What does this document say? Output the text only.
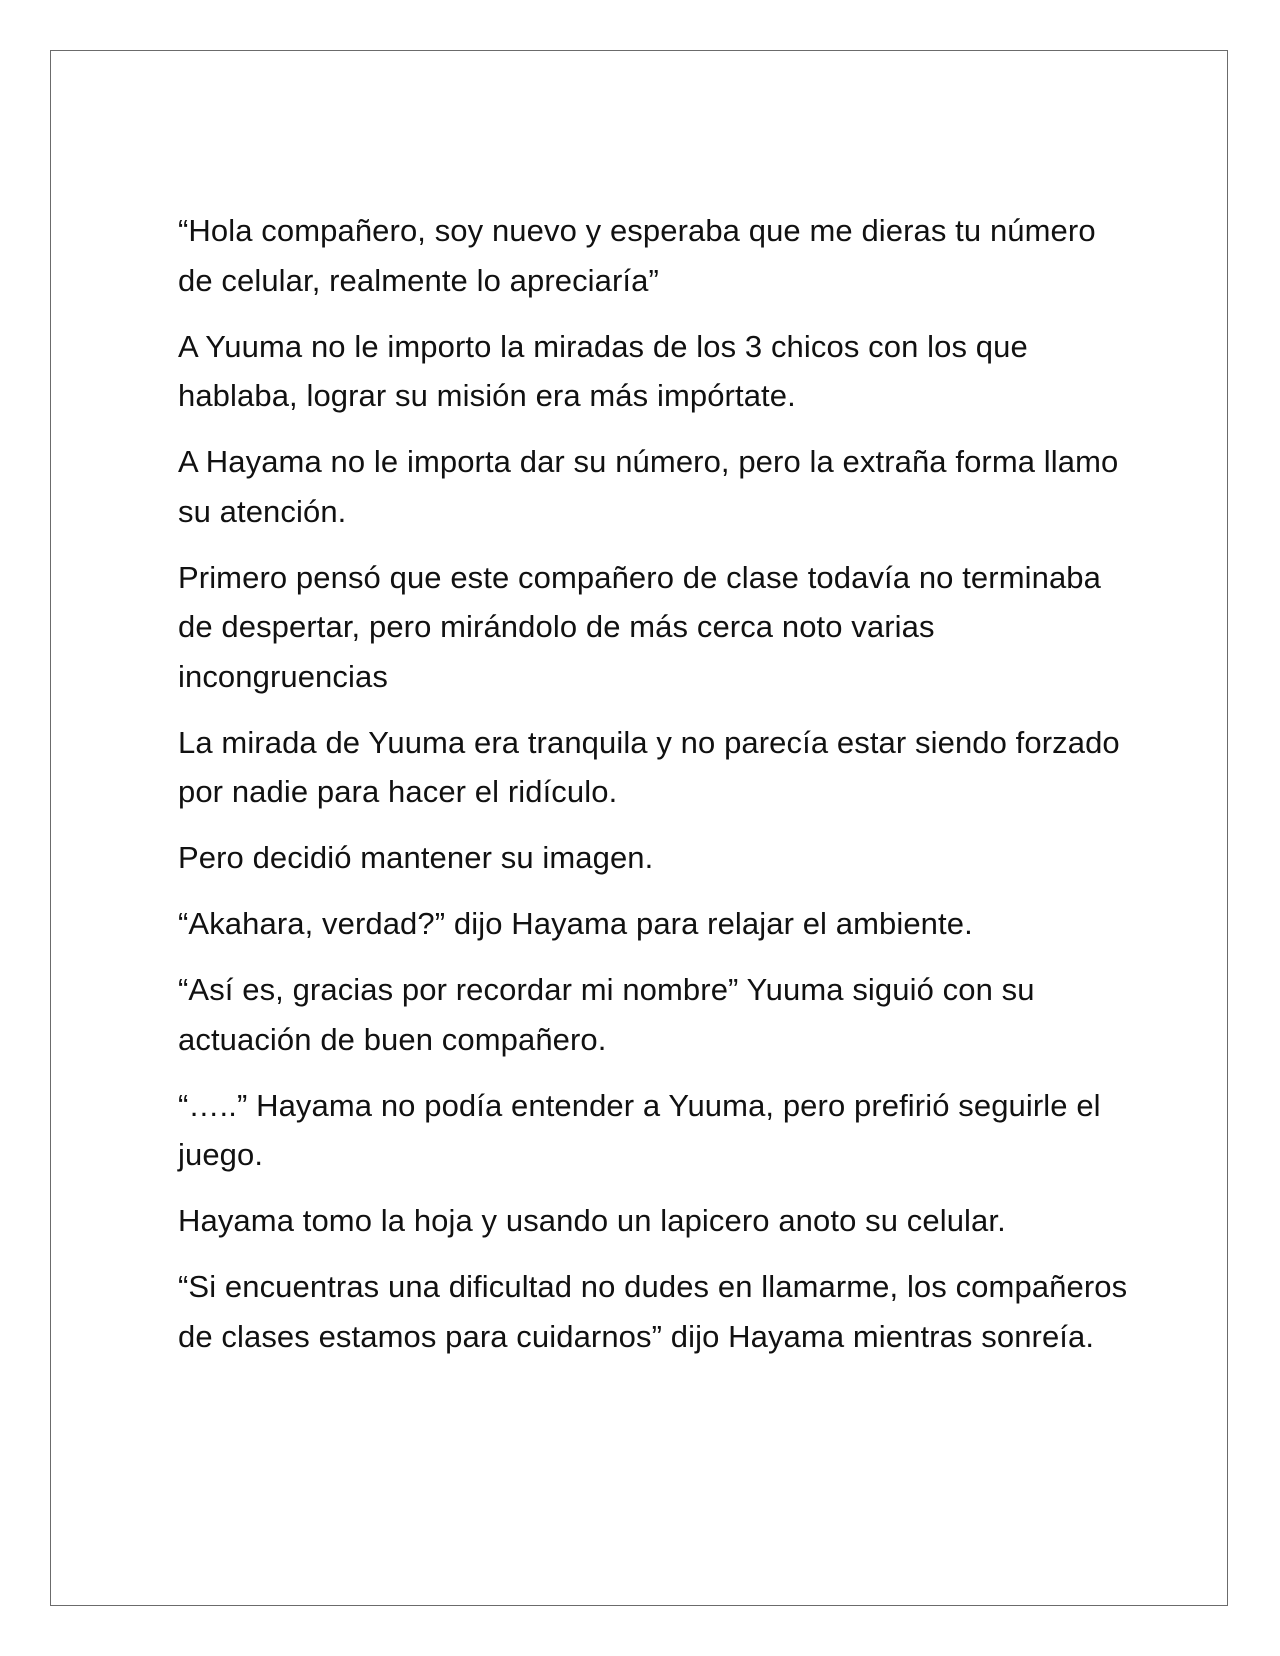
“Hola compañero, soy nuevo y esperaba que me dieras tu número de celular, realmente lo apreciaría”

A Yuuma no le importo la miradas de los 3 chicos con los que hablaba, lograr su misión era más impórtate.

A Hayama no le importa dar su número, pero la extraña forma llamo su atención.

Primero pensó que este compañero de clase todavía no terminaba de despertar, pero mirándolo de más cerca noto varias incongruencias

La mirada de Yuuma era tranquila y no parecía estar siendo forzado por nadie para hacer el ridículo.

Pero decidió mantener su imagen.

“Akahara, verdad?” dijo Hayama para relajar el ambiente.

“Así es, gracias por recordar mi nombre” Yuuma siguió con su actuación de buen compañero.

“…..” Hayama no podía entender a Yuuma, pero prefirió seguirle el juego.

Hayama tomo la hoja y usando un lapicero anoto su celular.

“Si encuentras una dificultad no dudes en llamarme, los compañeros de clases estamos para cuidarnos” dijo Hayama mientras sonreía.
